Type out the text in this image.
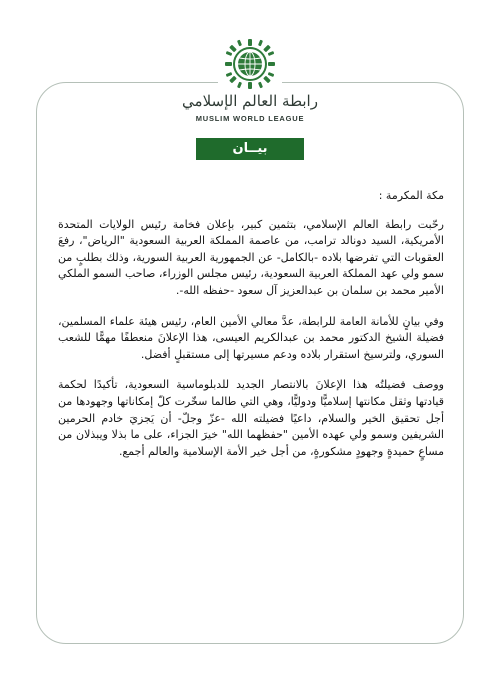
رابطة العالم الإسلامي
MUSLIM WORLD LEAGUE
بيــان

مكة المكرمة :

رحّبت رابطة العالم الإسلامي، بتثمين كبير، بإعلان فخامة رئيس الولايات المتحدة الأمريكية، السيد دونالد ترامب، من عاصمة المملكة العربية السعودية "الرياض"، رفعَ العقوبات التي تفرضها بلاده -بالكامل- عن الجمهورية العربية السورية، وذلك بطلبٍ من سمو ولي عهد المملكة العربية السعودية، رئيس مجلس الوزراء، صاحب السمو الملكي الأمير محمد بن سلمان بن عبدالعزيز آل سعود -حفظه الله-.

وفي بيانٍ للأمانة العامة للرابطة، عدَّ معالي الأمين العام، رئيس هيئة علماء المسلمين، فضيلة الشيخ الدكتور محمد بن عبدالكريم العيسى، هذا الإعلانَ منعطفًا مهمًّا للشعب السوري، ولترسيخ استقرار بلاده ودعم مسيرتها إلى مستقبلٍ أفضل.

ووصف فضيلتُه هذا الإعلانَ بالانتصار الجديد للدبلوماسية السعودية، تأكيدًا لحكمة قيادتها وثقل مكانتها إسلاميًّا ودوليًّا، وهي التي طالما سخّرت كلّ إمكاناتها وجهودها من أجل تحقيق الخير والسلام، داعيًا فضيلته الله -عزّ وجلّ- أن يَجزيَ خادم الحرمين الشريفين وسمو ولي عهده الأمين "حفظهما الله" خيرَ الجزاء، على ما بذلا ويبذلان من مساعٍ حميدةٍ وجهودٍ مشكورةٍ، من أجل خير الأمة الإسلامية والعالم أجمع.
